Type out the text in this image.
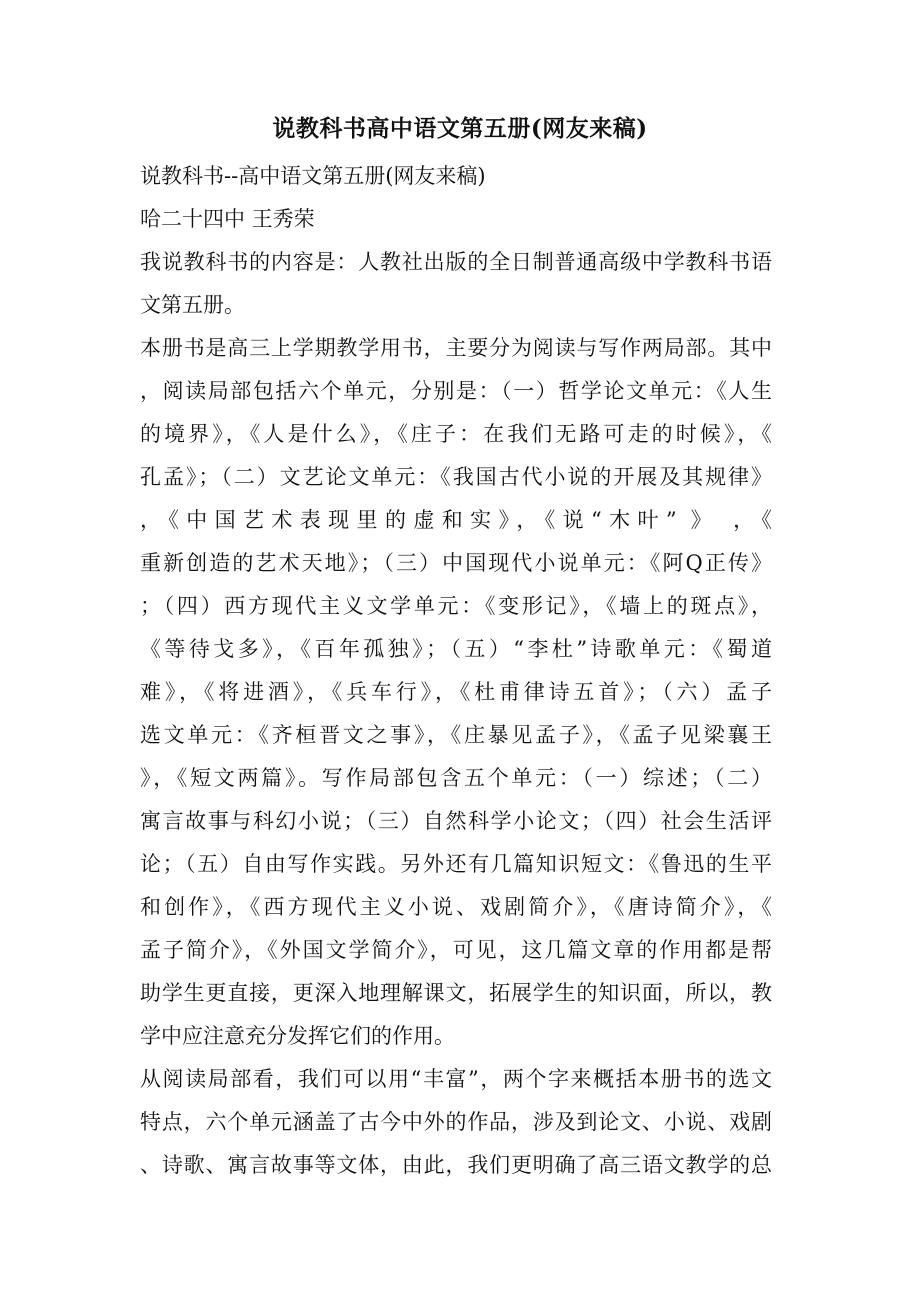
说教科书高中语文第五册(网友来稿)
说教科书--高中语文第五册(网友来稿)
哈二十四中 王秀荣
我说教科书的内容是：人教社出版的全日制普通高级中学教科书语
文第五册。
本册书是高三上学期教学用书，主要分为阅读与写作两局部。其中
，阅读局部包括六个单元，分别是：（一）哲学论文单元：《人生
的境界》，《人是什么》，《庄子：在我们无路可走的时候》，《
孔孟》；（二）文艺论文单元：《我国古代小说的开展及其规律》
，《中国艺术表现里的虚和实》，《说“木叶” 》 ，《
重新创造的艺术天地》；（三）中国现代小说单元：《阿Q正传》
；（四）西方现代主义文学单元：《变形记》，《墙上的斑点》，
《等待戈多》，《百年孤独》；（五）“李杜”诗歌单元：《蜀道
难》，《将进酒》，《兵车行》，《杜甫律诗五首》；（六）孟子
选文单元：《齐桓晋文之事》，《庄暴见孟子》，《孟子见梁襄王
》，《短文两篇》。写作局部包含五个单元：（一）综述；（二）
寓言故事与科幻小说；（三）自然科学小论文；（四）社会生活评
论；（五）自由写作实践。另外还有几篇知识短文：《鲁迅的生平
和创作》，《西方现代主义小说、戏剧简介》，《唐诗简介》，《
孟子简介》，《外国文学简介》，可见，这几篇文章的作用都是帮
助学生更直接，更深入地理解课文，拓展学生的知识面，所以，教
学中应注意充分发挥它们的作用。
从阅读局部看，我们可以用“丰富”，两个字来概括本册书的选文
特点，六个单元涵盖了古今中外的作品，涉及到论文、小说、戏剧
、诗歌、寓言故事等文体，由此，我们更明确了高三语文教学的总
